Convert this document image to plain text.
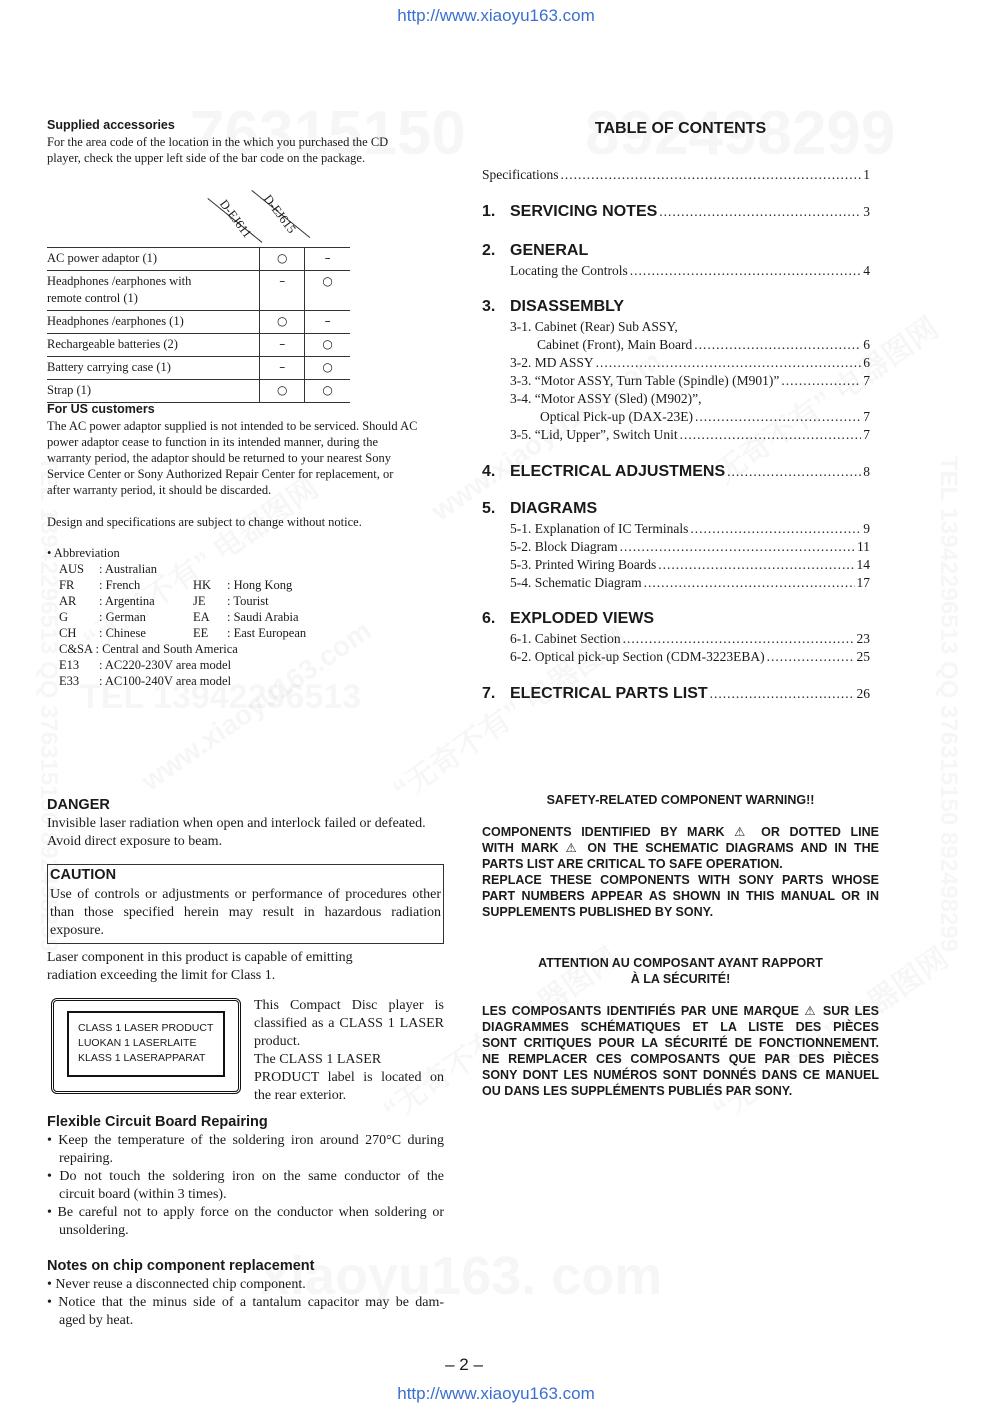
http://www.xiaoyu163.com
http://www.xiaoyu163.com
– 2 –
Supplied accessories
For the area code of the location in the which you purchased the CD
player, check the upper left side of the bar code on the package.
D-EJ611 D-EJ615
AC power adaptor (1)	○	–
Headphones /earphones with
remote control (1)	–	○
Headphones /earphones (1)	○	–
Rechargeable batteries (2)	–	○
Battery carrying case (1)	–	○
Strap (1)	○	○
For US customers
The AC power adaptor supplied is not intended to be serviced. Should AC
power adaptor cease to function in its intended manner, during the
warranty period, the adaptor should be returned to your nearest Sony
Service Center or Sony Authorized Repair Center for replacement, or
after warranty period, it should be discarded.
Design and specifications are subject to change without notice.
• Abbreviation
AUS : Australian
FR : French
AR : Argentina
G : German
CH : Chinese
HK : Hong Kong
JE : Tourist
EA : Saudi Arabia
EE : East European
C&SA : Central and South America
E13 : AC220-230V area model
E33 : AC100-240V area model
TABLE OF CONTENTS
Specifications .....	1
1. SERVICING NOTES .....	3
2. GENERAL
Locating the Controls .....	4
3. DISASSEMBLY
3-1. Cabinet (Rear) Sub ASSY,
Cabinet (Front), Main Board .....	6
3-2. MD ASSY .....	6
3-3. “Motor ASSY, Turn Table (Spindle) (M901)” .....	7
3-4. “Motor ASSY (Sled) (M902)”,
Optical Pick-up (DAX-23E) .....	7
3-5. “Lid, Upper”, Switch Unit .....	7
4. ELECTRICAL ADJUSTMENS .....	8
5. DIAGRAMS
5-1. Explanation of IC Terminals .....	9
5-2. Block Diagram .....	11
5-3. Printed Wiring Boards .....	14
5-4. Schematic Diagram .....	17
6. EXPLODED VIEWS
6-1. Cabinet Section .....	23
6-2. Optical pick-up Section (CDM-3223EBA) .....	25
7. ELECTRICAL PARTS LIST .....	26
DANGER
Invisible laser radiation when open and interlock failed or defeated.
Avoid direct exposure to beam.
CAUTION
Use of controls or adjustments or performance of procedures other
than those specified herein may result in hazardous radiation
exposure.
Laser component in this product is capable of emitting
radiation exceeding the limit for Class 1.
CLASS 1 LASER PRODUCT
LUOKAN 1 LASERLAITE
KLASS 1 LASERAPPARAT
This Compact Disc player is
classified as a CLASS 1 LASER
product.
The CLASS 1 LASER
PRODUCT label is located on
the rear exterior.
Flexible Circuit Board Repairing
• Keep the temperature of the soldering iron around 270°C during
repairing.
• Do not touch the soldering iron on the same conductor of the
circuit board (within 3 times).
• Be careful not to apply force on the conductor when soldering or
unsoldering.
Notes on chip component replacement
• Never reuse a disconnected chip component.
• Notice that the minus side of a tantalum capacitor may be dam-
aged by heat.
SAFETY-RELATED COMPONENT WARNING!!
COMPONENTS IDENTIFIED BY MARK ⚠ OR DOTTED LINE
WITH MARK ⚠ ON THE SCHEMATIC DIAGRAMS AND IN THE
PARTS LIST ARE CRITICAL TO SAFE OPERATION.
REPLACE THESE COMPONENTS WITH SONY PARTS WHOSE
PART NUMBERS APPEAR AS SHOWN IN THIS MANUAL OR IN
SUPPLEMENTS PUBLISHED BY SONY.
ATTENTION AU COMPOSANT AYANT RAPPORT
À LA SÉCURITÉ!
LES COMPOSANTS IDENTIFIÉS PAR UNE MARQUE ⚠ SUR LES
DIAGRAMMES SCHÉMATIQUES ET LA LISTE DES PIÈCES
SONT CRITIQUES POUR LA SÉCURITÉ DE FONCTIONNEMENT.
NE REMPLACER CES COMPOSANTS QUE PAR DES PIÈCES
SONY DONT LES NUMÉROS SONT DONNÉS DANS CE MANUEL
OU DANS LES SUPPLÉMENTS PUBLIÉS PAR SONY.
